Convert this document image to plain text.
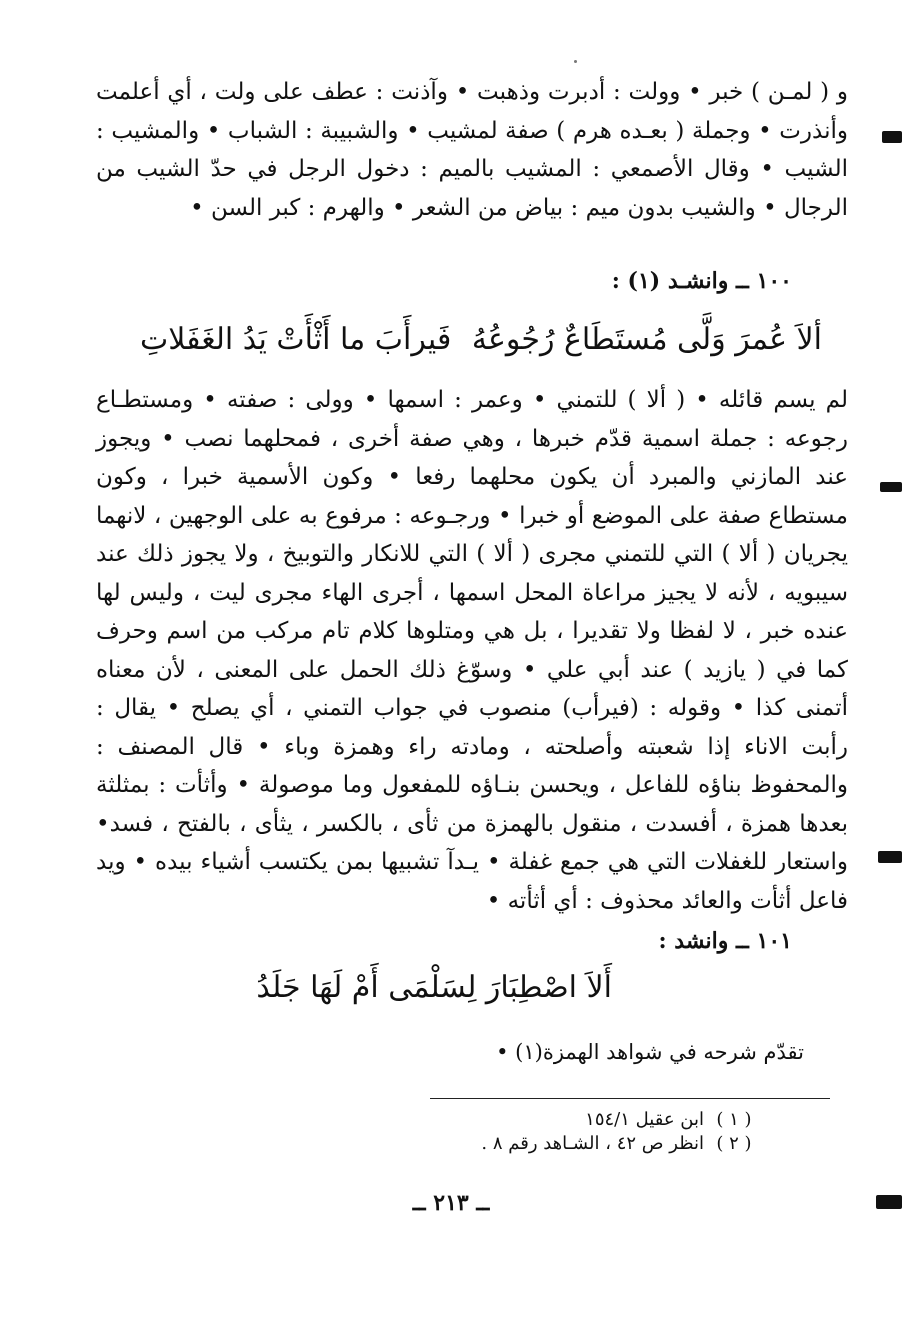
و ( لمـن ) خبر • وولت : أدبرت وذهبت • وآذنت : عطف على ولت ، أي أعلمت وأنذرت • وجملة ( بعـده هرم ) صفة لمشيب • والشبيبة : الشباب • والمشيب : الشيب • وقال الأصمعي : المشيب بالميم : دخول الرجل في حدّ الشيب من الرجال • والشيب بدون ميم : بياض من الشعر • والهرم : كبر السن •
١٠٠ ــ وانشـد (١) :
ألاَ عُمرَ وَلَّى مُستَطَاعٌ رُجُوعُهُ
فَيرأَبَ ما أَثْأَتْ يَدُ الغَفَلاتِ
لم يسم قائله • ( ألا ) للتمني • وعمر : اسمها • وولى : صفته • ومستطـاع رجوعه : جملة اسمية قدّم خبرها ، وهي صفة أخرى ، فمحلهما نصب • ويجوز عند المازني والمبرد أن يكون محلهما رفعا • وكون الأسمية خبرا ، وكون مستطاع صفة على الموضع أو خبرا • ورجـوعه : مرفوع به على الوجهين ، لانهما يجريان ( ألا ) التي للتمني مجرى ( ألا ) التي للانكار والتوبيخ ، ولا يجوز ذلك عند سيبويه ، لأنه لا يجيز مراعاة المحل اسمها ، أجرى الهاء مجرى ليت ، وليس لها عنده خبر ، لا لفظا ولا تقديرا ، بل هي ومتلوها كلام تام مركب من اسم وحرف كما في ( يازيد ) عند أبي علي • وسوّغ ذلك الحمل على المعنى ، لأن معناه أتمنى كذا • وقوله : (فيرأب) منصوب في جواب التمني ، أي يصلح • يقال : رأبت الاناء إذا شعبته وأصلحته ، ومادته راء وهمزة وباء • قال المصنف : والمحفوظ بناؤه للفاعل ، ويحسن بنـاؤه للمفعول وما موصولة • وأثأت : بمثلثة بعدها همزة ، أفسدت ، منقول بالهمزة من ثأى ، بالكسر ، يثأى ، بالفتح ، فسد• واستعار للغفلات التي هي جمع غفلة • يـدآ تشبيها بمن يكتسب أشياء بيده • ويد فاعل أثأت والعائد محذوف : أي أثأته •
١٠١ ــ وانشد :
أَلاَ اصْطِبَارَ لِسَلْمَى أَمْ لَهَا جَلَدُ
تقدّم شرحه في شواهد الهمزة(١) •
( ١ )
ابن عقيل ١٥٤/١
( ٢ )
انظر ص ٤٢ ، الشـاهد رقم ٨ .
ــ ٢١٣ ــ
